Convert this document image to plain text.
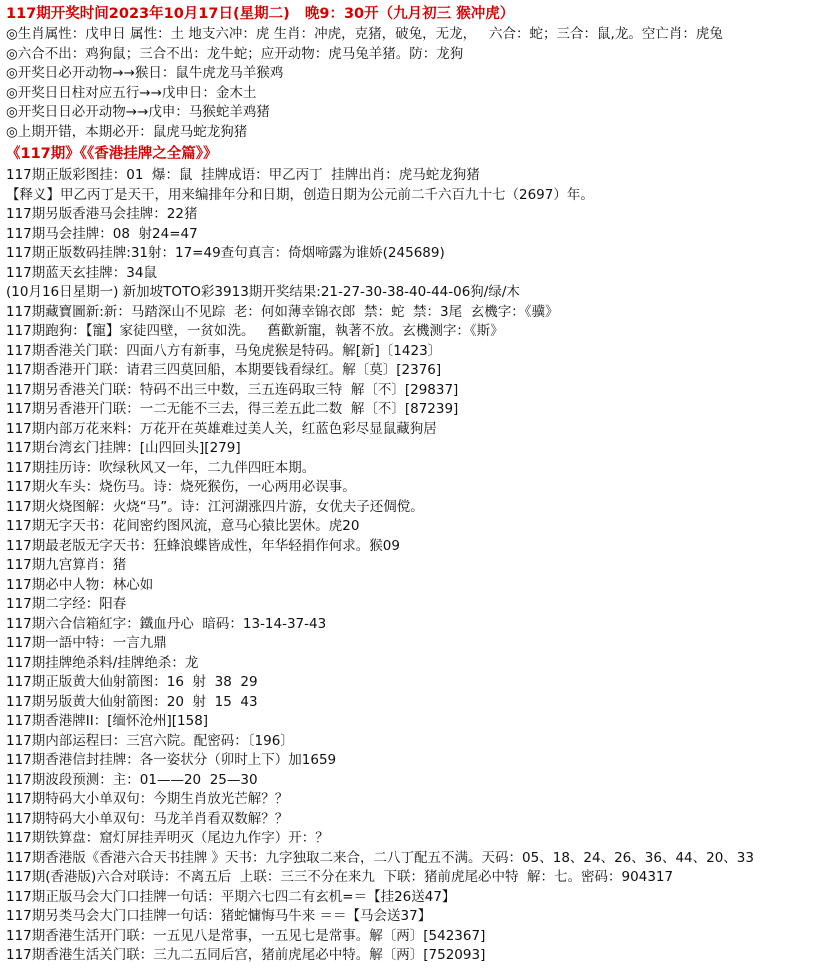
117期开奖时间2023年10月17日(星期二)   晚9：30开（九月初三 猴冲虎）
◎生肖属性：戊申日 属性：土 地支六冲：虎 生肖：冲虎，克猪，破兔，无龙，   六合：蛇；三合：鼠,龙。空亡肖：虎兔
◎六合不出：鸡狗鼠；三合不出：龙牛蛇；应开动物：虎马兔羊猪。防：龙狗
◎开奖日必开动物→→猴日：鼠牛虎龙马羊猴鸡
◎开奖日日柱对应五行→→戊申日：金木土
◎开奖日日必开动物→→戊申：马猴蛇羊鸡猪
◎上期开错，本期必开：鼠虎马蛇龙狗猪
《117期》《《香港挂牌之全篇》》
117期正版彩图挂：01  爆：鼠  挂牌成语：甲乙丙丁  挂牌出肖：虎马蛇龙狗猪
【释义】甲乙丙丁是天干，用来编排年分和日期，创造日期为公元前二千六百九十七（2697）年。
117期另版香港马会挂牌：22猪
117期马会挂牌：08  射24=47
117期正版数码挂牌:31射：17=49查句真言：倚烟啼露为谁娇(245689)
117期蓝天玄挂牌：34鼠
(10月16日星期一) 新加坡TOTO彩3913期开奖结果:21-27-30-38-40-44-06狗/绿/木
117期藏寶圖新:新：马踏深山不见踪  老：何如薄幸锦衣郎  禁：蛇  禁：3尾  玄機字：《骥》
117期跑狗：【寵】家徒四壁，一贫如洗。   舊歡新寵，執著不放。玄機测字：《斯》
117期香港关门联：四面八方有新事，马兔虎猴是特码。解[新]〔1423〕
117期香港开门联：请君三四莫回船，本期要钱看绿红。解〔莫〕[2376]
117期另香港关门联：特码不出三中数，三五连码取三特  解〔不〕[29837]
117期另香港开门联：一二无能不三去，得三差五此二数  解〔不〕[87239]
117期内部万花来料：万花开在英雄难过美人关，红蓝色彩尽显鼠藏狗居
117期台湾玄门挂牌：[山四回头][279]
117期挂历诗：吹绿秋风又一年，二九伴四旺本期。
117期火车头：烧伤马。诗：烧死猴伤，一心两用必误事。
117期火烧图解：火烧“马”。诗：江河湖涨四片游，女优夫子还倜傥。
117期无字天书：花间密约图风流，意马心猿比罢休。虎20
117期最老版无字天书：狂蜂浪蝶皆成性，年华轻捐作何求。猴09
117期九宫算肖：猪
117期必中人物：林心如
117期二字经：阳春
117期六合信箱紅字：鐵血丹心  暗码：13-14-37-43
117期一語中特：一言九鼎
117期挂牌绝杀料/挂牌绝杀：龙
117期正版黄大仙射箭图：16  射  38  29
117期另版黄大仙射箭图：20  射  15  43
117期香港牌ⅠⅠ：[缅怀沧州][158]
117期内部运程曰：三宫六院。配密码：〔196〕
117期香港信封挂牌：各一姿状分（卯时上下）加1659
117期波段预测：主：01——20  25—30
117期特码大小单双句：今期生肖放光芒解？？
117期特码大小单双句：马龙羊肖看双数解？？
117期铁算盘：窟灯屏挂弄明灭（尾边九作字）开：？
117期香港版《香港六合天书挂牌 》天书：九字独取二来合，二八丁配五不满。天码：05、18、24、26、36、44、20、33
117期(香港版)六合对联诗：不离五后  上联：三三不分在来九  下联：猪前虎尾必中特  解：七。密码：904317
117期正版马会大门口挂牌一句话：平期六七四二有玄机=＝【挂26送47】
117期另类马会大门口挂牌一句话：猪蛇慵悔马牛来 ＝＝【马会送37】
117期香港生活开门联：一五见八是常事，一五见七是常事。解〔两〕[542367]
117期香港生活关门联：三九二五同后宫，猪前虎尾必中特。解〔两〕[752093]
